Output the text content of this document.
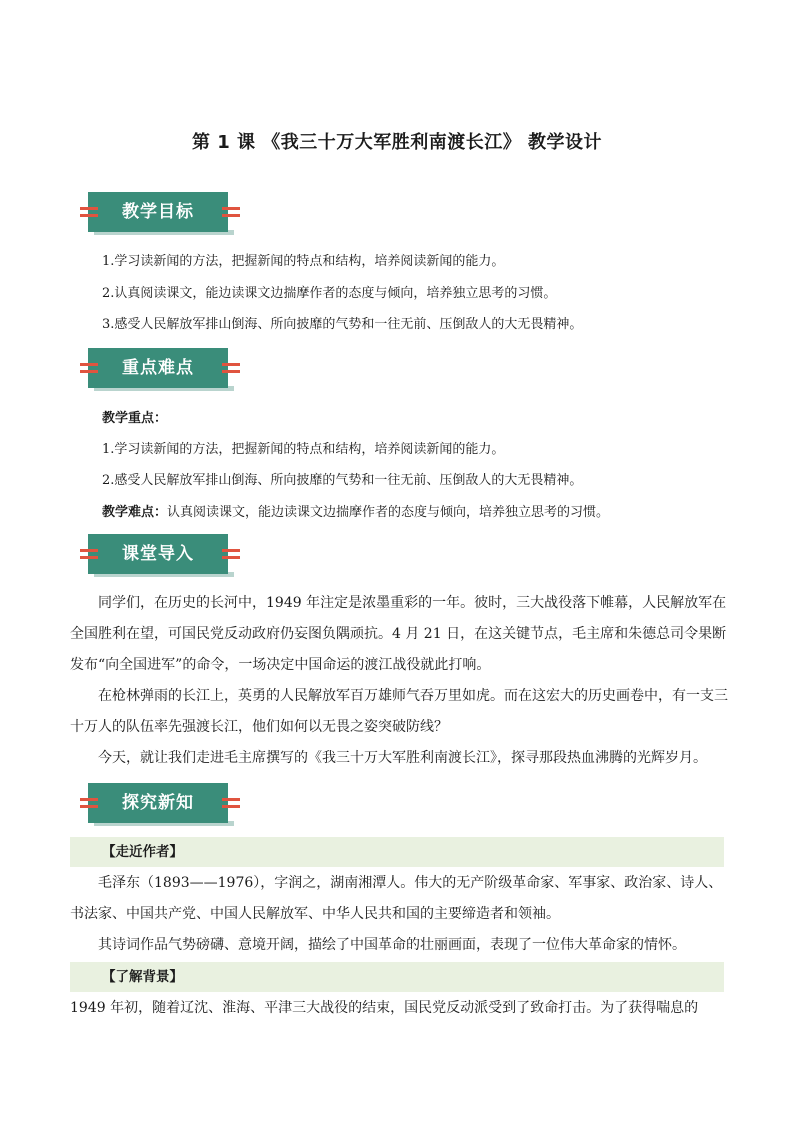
第 1 课 《我三十万大军胜利南渡长江》 教学设计
教学目标
1.学习读新闻的方法，把握新闻的特点和结构，培养阅读新闻的能力。
2.认真阅读课文，能边读课文边揣摩作者的态度与倾向，培养独立思考的习惯。
3.感受人民解放军排山倒海、所向披靡的气势和一往无前、压倒敌人的大无畏精神。
重点难点
教学重点：
1.学习读新闻的方法，把握新闻的特点和结构，培养阅读新闻的能力。
2.感受人民解放军排山倒海、所向披靡的气势和一往无前、压倒敌人的大无畏精神。
教学难点：认真阅读课文，能边读课文边揣摩作者的态度与倾向，培养独立思考的习惯。
课堂导入
同学们，在历史的长河中，1949 年注定是浓墨重彩的一年。彼时，三大战役落下帷幕，人民解放军在全国胜利在望，可国民党反动政府仍妄图负隅顽抗。4 月 21 日，在这关键节点，毛主席和朱德总司令果断发布“向全国进军”的命令，一场决定中国命运的渡江战役就此打响。
在枪林弹雨的长江上，英勇的人民解放军百万雄师气吞万里如虎。而在这宏大的历史画卷中，有一支三十万人的队伍率先强渡长江，他们如何以无畏之姿突破防线？
今天，就让我们走进毛主席撰写的《我三十万大军胜利南渡长江》，探寻那段热血沸腾的光辉岁月。
探究新知
【走近作者】
毛泽东（1893——1976），字润之，湖南湘潭人。伟大的无产阶级革命家、军事家、政治家、诗人、书法家、中国共产党、中国人民解放军、中华人民共和国的主要缔造者和领袖。
其诗词作品气势磅礴、意境开阔，描绘了中国革命的壮丽画面，表现了一位伟大革命家的情怀。
【了解背景】
1949 年初，随着辽沈、淮海、平津三大战役的结束，国民党反动派受到了致命打击。为了获得喘息的
